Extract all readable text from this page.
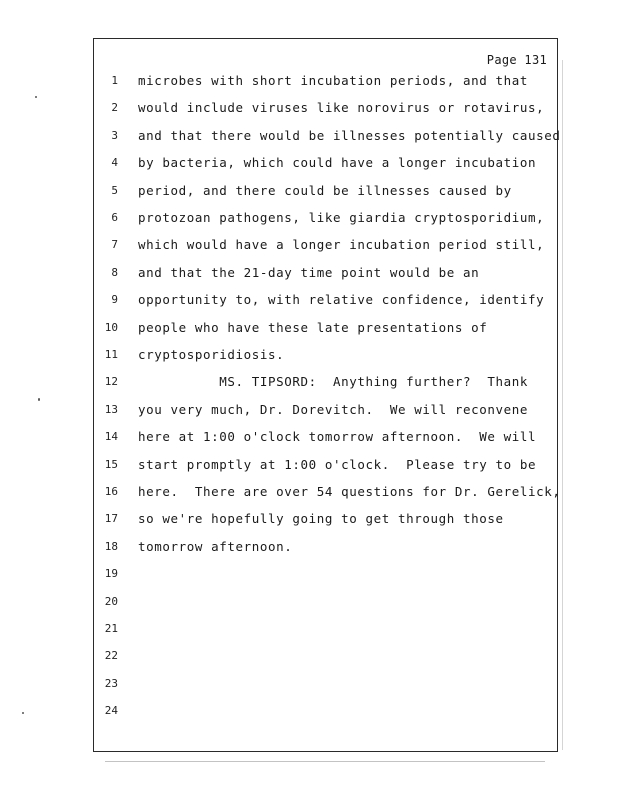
Page 131
1 microbes with short incubation periods, and that
2 would include viruses like norovirus or rotavirus,
3 and that there would be illnesses potentially caused
4 by bacteria, which could have a longer incubation
5 period, and there could be illnesses caused by
6 protozoan pathogens, like giardia cryptosporidium,
7 which would have a longer incubation period still,
8 and that the 21-day time point would be an
9 opportunity to, with relative confidence, identify
10 people who have these late presentations of
11 cryptosporidiosis.
12 MS. TIPSORD:  Anything further?  Thank
13 you very much, Dr. Dorevitch.  We will reconvene
14 here at 1:00 o'clock tomorrow afternoon.  We will
15 start promptly at 1:00 o'clock.  Please try to be
16 here.  There are over 54 questions for Dr. Gerelick,
17 so we're hopefully going to get through those
18 tomorrow afternoon.
19
20
21
22
23
24
